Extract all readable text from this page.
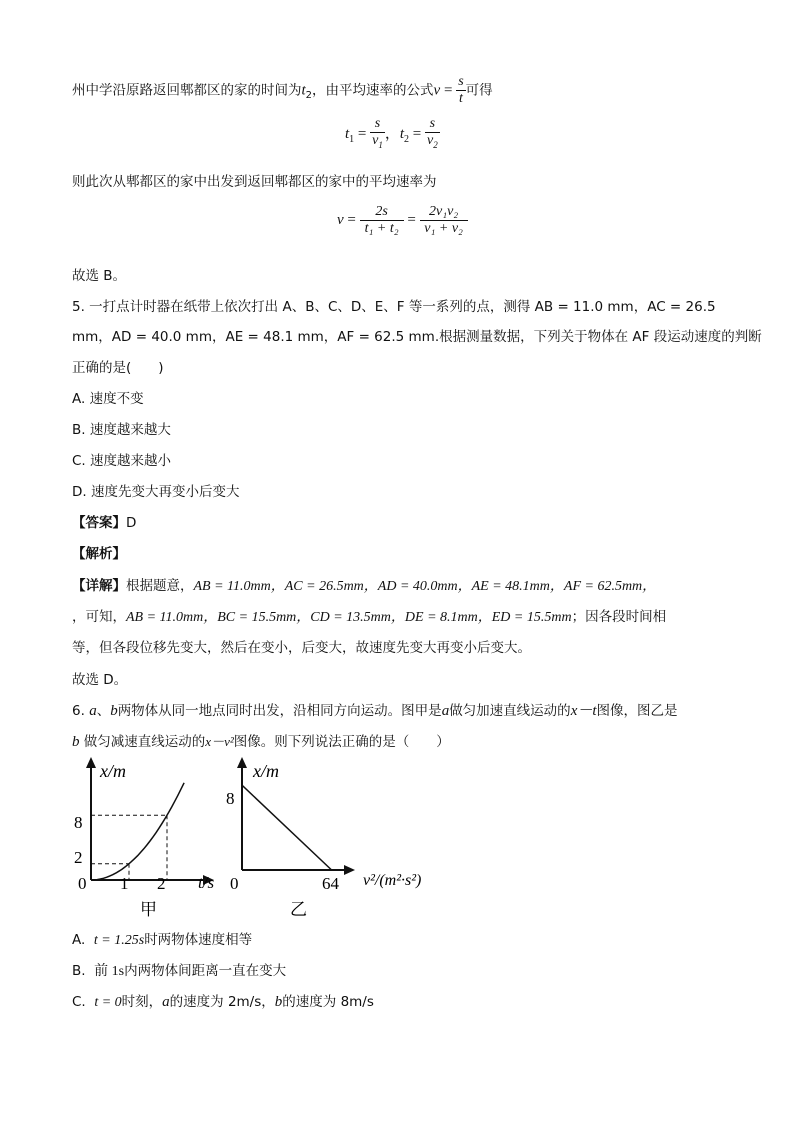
州中学沿原路返回郫都区的家的时间为$t_2$，由平均速率的公式$v = \frac{s}{t}$ 可得
$t_1 = \frac{s}{v_1}$ ，$t_2 = \frac{s}{v_2}$
则此次从郫都区的家中出发到返回郫都区的家中的平均速率为
$v = \frac{2s}{\text{t₁ + t₂}} = \frac{\text{2v₁v₂}}{\text{v₁ + v₂}}$
故选 B。
5. 一打点计时器在纸带上依次打出 A、B、C、D、E、F 等一系列的点，测得 AB = 11.0 mm，AC = 26.5
mm，AD = 40.0 mm，AE = 48.1 mm，AF = 62.5 mm.根据测量数据，下列关于物体在 AF 段运动速度的判断
正确的是(　　)
A. 速度不变
B. 速度越来越大
C. 速度越来越小
D. 速度先变大再变小后变大
【答案】D
【解析】
【详解】根据题意，AB = 11.0mm，AC = 26.5mm，AD = 40.0mm，AE = 48.1mm，AF = 62.5mm，
，可知，AB = 11.0mm，BC = 15.5mm，CD = 13.5mm，DE = 8.1mm，ED = 15.5mm；因各段时间相
等，但各段位移先变大，然后在变小，后变大，故速度先变大再变小后变大。
故选 D。
6. a、b两物体从同一地点同时出发，沿相同方向运动。图甲是a做匀加速直线运动的x－t图像，图乙是
b 做匀减速直线运动的x－v²图像。则下列说法正确的是（　　）
x/m
8
2
0 1 2 t/s
甲
x/m
8
0	64 v²/(m²·s²)
乙
A. t = 1.25s时两物体速度相等
B. 前 1s内两物体间距离一直在变大
C. t = 0时刻，a的速度为 2m/s，b的速度为 8m/s
